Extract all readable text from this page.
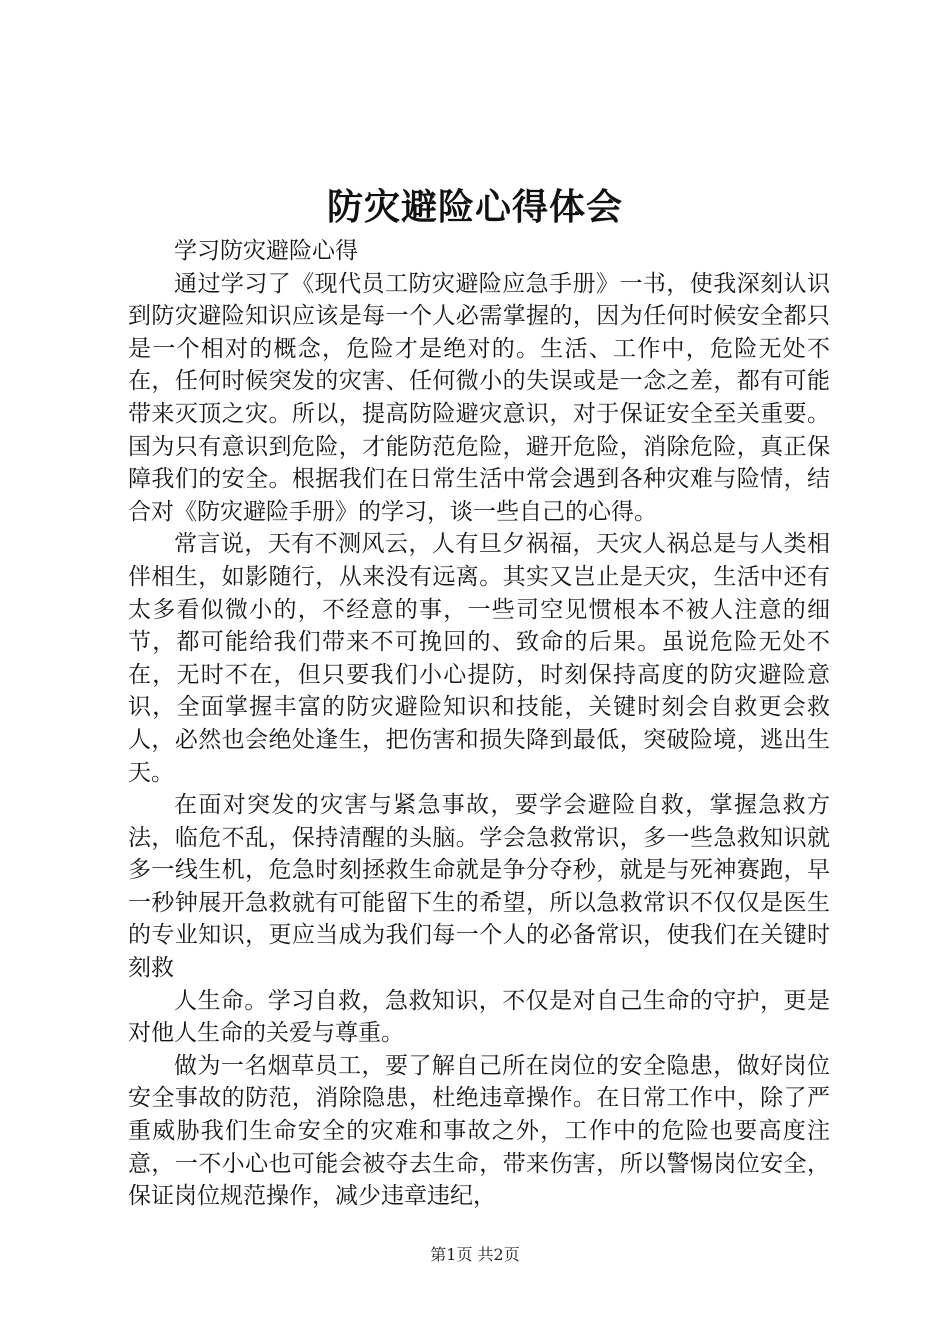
防灾避险心得体会

学习防灾避险心得

通过学习了《现代员工防灾避险应急手册》一书，使我深刻认识到防灾避险知识应该是每一个人必需掌握的，因为任何时候安全都只是一个相对的概念，危险才是绝对的。生活、工作中，危险无处不在，任何时候突发的灾害、任何微小的失误或是一念之差，都有可能带来灭顶之灾。所以，提高防险避灾意识，对于保证安全至关重要。国为只有意识到危险，才能防范危险，避开危险，消除危险，真正保障我们的安全。根据我们在日常生活中常会遇到各种灾难与险情，结合对《防灾避险手册》的学习，谈一些自己的心得。

常言说，天有不测风云，人有旦夕祸福，天灾人祸总是与人类相伴相生，如影随行，从来没有远离。其实又岂止是天灾，生活中还有太多看似微小的，不经意的事，一些司空见惯根本不被人注意的细节，都可能给我们带来不可挽回的、致命的后果。虽说危险无处不在，无时不在，但只要我们小心提防，时刻保持高度的防灾避险意识，全面掌握丰富的防灾避险知识和技能，关键时刻会自救更会救人，必然也会绝处逢生，把伤害和损失降到最低，突破险境，逃出生天。

在面对突发的灾害与紧急事故，要学会避险自救，掌握急救方法，临危不乱，保持清醒的头脑。学会急救常识，多一些急救知识就多一线生机，危急时刻拯救生命就是争分夺秒，就是与死神赛跑，早一秒钟展开急救就有可能留下生的希望，所以急救常识不仅仅是医生的专业知识，更应当成为我们每一个人的必备常识，使我们在关键时刻救

人生命。学习自救，急救知识，不仅是对自己生命的守护，更是对他人生命的关爱与尊重。

做为一名烟草员工，要了解自己所在岗位的安全隐患，做好岗位安全事故的防范，消除隐患，杜绝违章操作。在日常工作中，除了严重威胁我们生命安全的灾难和事故之外，工作中的危险也要高度注意，一不小心也可能会被夺去生命，带来伤害，所以警惕岗位安全，保证岗位规范操作，减少违章违纪，

第1页 共2页
